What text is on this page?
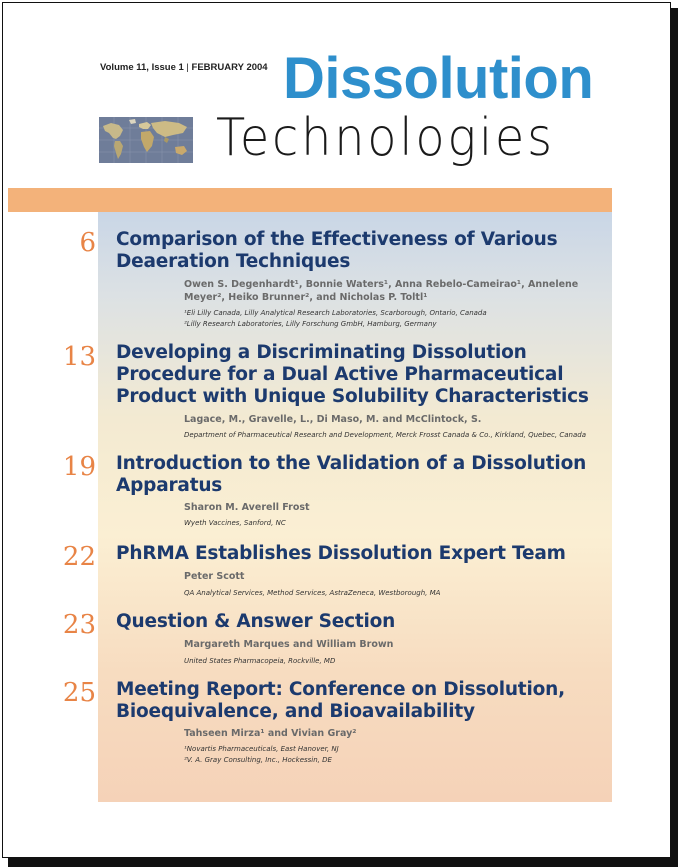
Volume 11, Issue 1 | FEBRUARY 2004 Dissolution
Technologies
6 Comparison of the Effectiveness of Various Deaeration Techniques
Owen S. Degenhardt¹, Bonnie Waters¹, Anna Rebelo-Cameirao¹, Annelene Meyer², Heiko Brunner², and Nicholas P. Toltl¹
¹Eli Lilly Canada, Lilly Analytical Research Laboratories, Scarborough, Ontario, Canada
²Lilly Research Laboratories, Lilly Forschung GmbH, Hamburg, Germany
13 Developing a Discriminating Dissolution Procedure for a Dual Active Pharmaceutical Product with Unique Solubility Characteristics
Lagace, M., Gravelle, L., Di Maso, M. and McClintock, S.
Department of Pharmaceutical Research and Development, Merck Frosst Canada & Co., Kirkland, Quebec, Canada
19 Introduction to the Validation of a Dissolution Apparatus
Sharon M. Averell Frost
Wyeth Vaccines, Sanford, NC
22 PhRMA Establishes Dissolution Expert Team
Peter Scott
QA Analytical Services, Method Services, AstraZeneca, Westborough, MA
23 Question & Answer Section
Margareth Marques and William Brown
United States Pharmacopeia, Rockville, MD
25 Meeting Report: Conference on Dissolution, Bioequivalence, and Bioavailability
Tahseen Mirza¹ and Vivian Gray²
¹Novartis Pharmaceuticals, East Hanover, NJ
²V. A. Gray Consulting, Inc., Hockessin, DE
